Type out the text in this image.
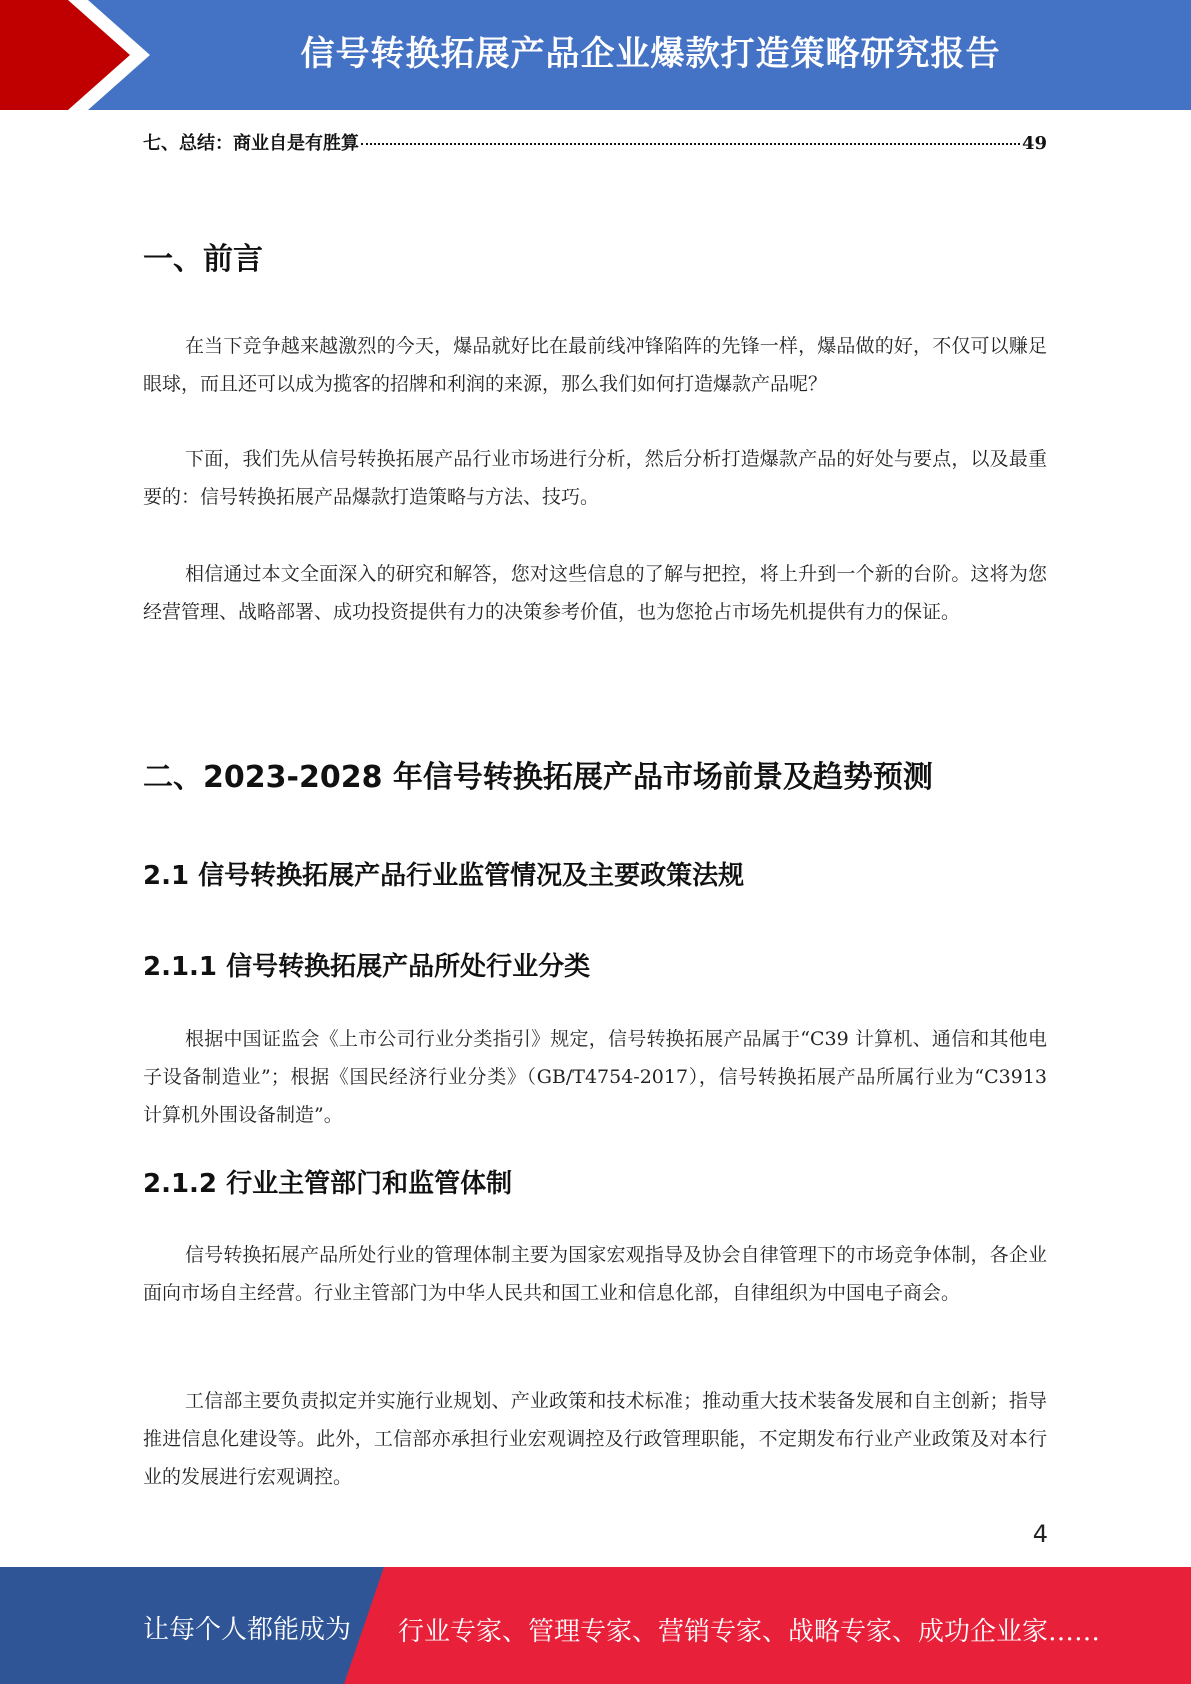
信号转换拓展产品企业爆款打造策略研究报告
七、总结：商业自是有胜算	49
一、前言

在当下竞争越来越激烈的今天，爆品就好比在最前线冲锋陷阵的先锋一样，爆品做的好，不仅可以赚足眼球，而且还可以成为揽客的招牌和利润的来源，那么我们如何打造爆款产品呢？

下面，我们先从信号转换拓展产品行业市场进行分析，然后分析打造爆款产品的好处与要点，以及最重要的：信号转换拓展产品爆款打造策略与方法、技巧。

相信通过本文全面深入的研究和解答，您对这些信息的了解与把控，将上升到一个新的台阶。这将为您经营管理、战略部署、成功投资提供有力的决策参考价值，也为您抢占市场先机提供有力的保证。

二、2023-2028 年信号转换拓展产品市场前景及趋势预测
2.1 信号转换拓展产品行业监管情况及主要政策法规
2.1.1 信号转换拓展产品所处行业分类

根据中国证监会《上市公司行业分类指引》规定，信号转换拓展产品属于“C39 计算机、通信和其他电子设备制造业”；根据《国民经济行业分类》（GB/T4754-2017），信号转换拓展产品所属行业为“C3913 计算机外围设备制造”。

2.1.2 行业主管部门和监管体制

信号转换拓展产品所处行业的管理体制主要为国家宏观指导及协会自律管理下的市场竞争体制，各企业面向市场自主经营。行业主管部门为中华人民共和国工业和信息化部，自律组织为中国电子商会。

工信部主要负责拟定并实施行业规划、产业政策和技术标准；推动重大技术装备发展和自主创新；指导推进信息化建设等。此外，工信部亦承担行业宏观调控及行政管理职能，不定期发布行业产业政策及对本行业的发展进行宏观调控。

4
让每个人都能成为 行业专家、管理专家、营销专家、战略专家、成功企业家……
